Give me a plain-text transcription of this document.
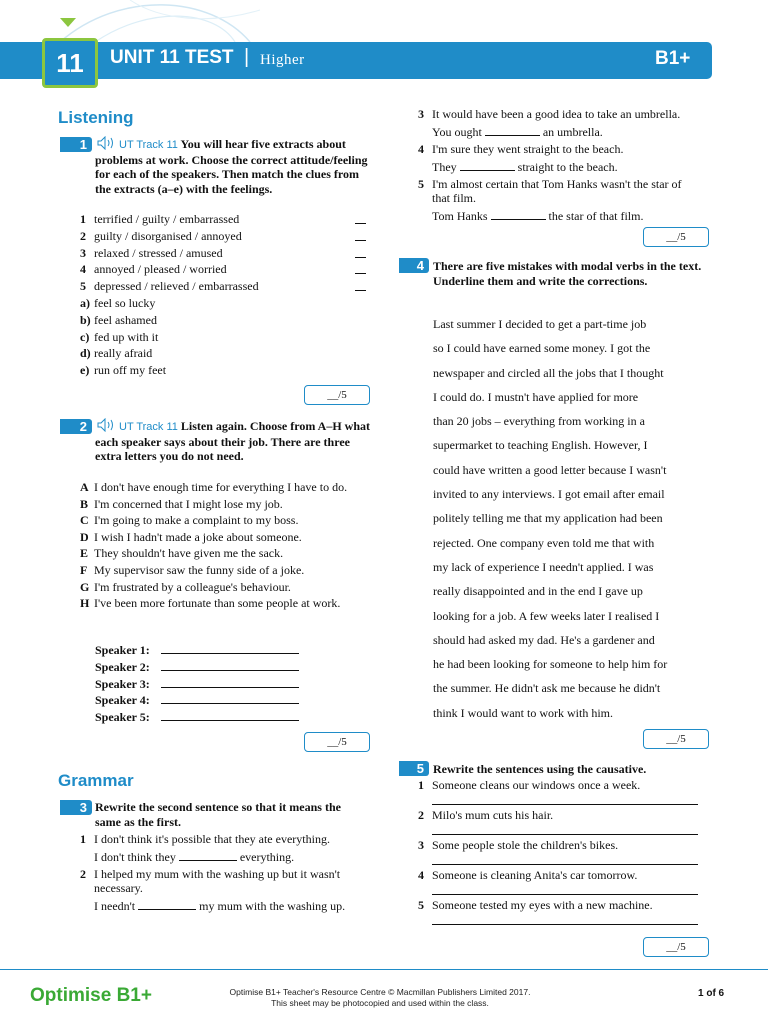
11	UNIT 11 TEST | Higher	B1+
Listening
1	UT Track 11 You will hear five extracts about problems at work. Choose the correct attitude/feeling for each of the speakers. Then match the clues from the extracts (a–e) with the feelings.
1 terrified / guilty / embarrassed
2 guilty / disorganised / annoyed
3 relaxed / stressed / amused
4 annoyed / pleased / worried
5 depressed / relieved / embarrassed
a) feel so lucky
b) feel ashamed
c) fed up with it
d) really afraid
e) run off my feet
__/5
2	UT Track 11 Listen again. Choose from A–H what each speaker says about their job. There are three extra letters you do not need.
A I don't have enough time for everything I have to do.
B I'm concerned that I might lose my job.
C I'm going to make a complaint to my boss.
D I wish I hadn't made a joke about someone.
E They shouldn't have given me the sack.
F My supervisor saw the funny side of a joke.
G I'm frustrated by a colleague's behaviour.
H I've been more fortunate than some people at work.
Speaker 1:
Speaker 2:
Speaker 3:
Speaker 4:
Speaker 5:
__/5
Grammar
3 Rewrite the second sentence so that it means the same as the first.
1 I don't think it's possible that they ate everything.
I don't think they	everything.
2 I helped my mum with the washing up but it wasn't necessary.
I needn't	my mum with the washing up.
3 It would have been a good idea to take an umbrella.
You ought	an umbrella.
4 I'm sure they went straight to the beach.
They	straight to the beach.
5 I'm almost certain that Tom Hanks wasn't the star of that film.
Tom Hanks	the star of that film.
__/5
4 There are five mistakes with modal verbs in the text. Underline them and write the corrections.
Last summer I decided to get a part-time job
so I could have earned some money. I got the
newspaper and circled all the jobs that I thought
I could do. I mustn't have applied for more
than 20 jobs – everything from working in a
supermarket to teaching English. However, I
could have written a good letter because I wasn't
invited to any interviews. I got email after email
politely telling me that my application had been
rejected. One company even told me that with
my lack of experience I needn't applied. I was
really disappointed and in the end I gave up
looking for a job. A few weeks later I realised I
should had asked my dad. He's a gardener and
he had been looking for someone to help him for
the summer. He didn't ask me because he didn't
think I would want to work with him.
__/5
5 Rewrite the sentences using the causative.
1 Someone cleans our windows once a week.
2 Milo's mum cuts his hair.
3 Some people stole the children's bikes.
4 Someone is cleaning Anita's car tomorrow.
5 Someone tested my eyes with a new machine.
__/5
Optimise B1+	Optimise B1+ Teacher's Resource Centre © Macmillan Publishers Limited 2017.
This sheet may be photocopied and used within the class.
1 of 6
